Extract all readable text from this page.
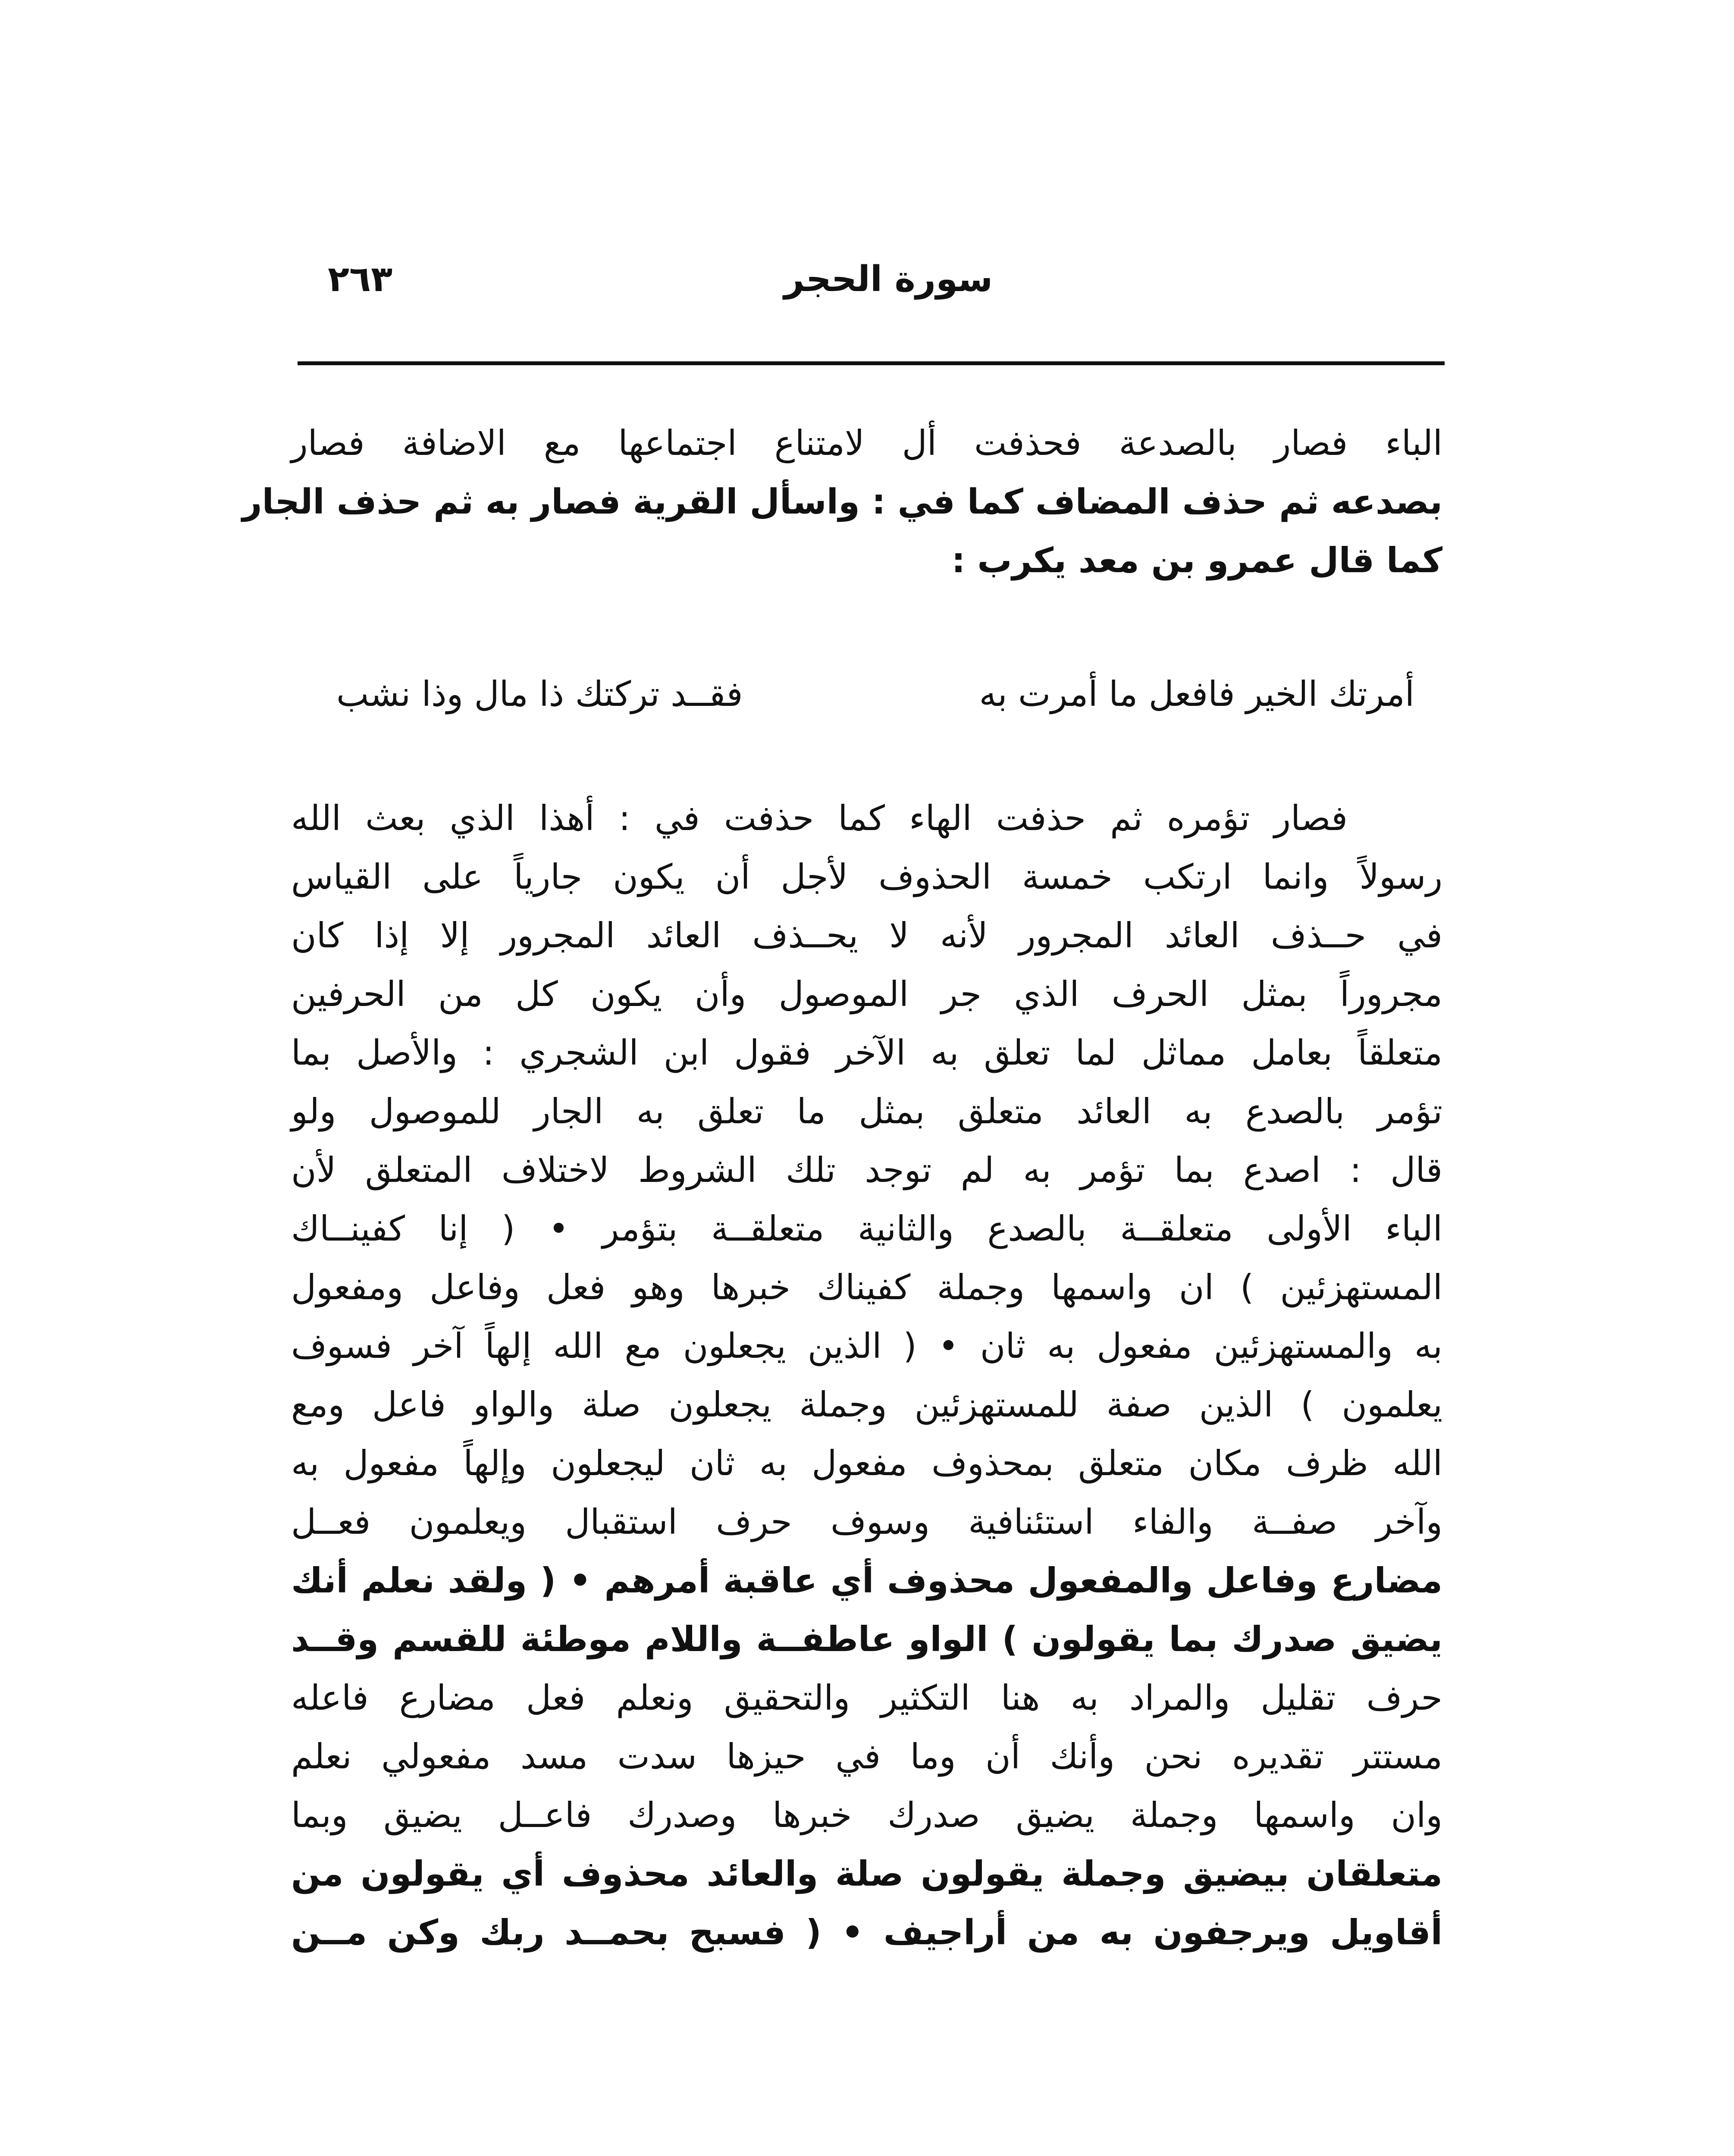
٢٦٣	سورة الحجر
الباء فصار بالصدعة فحذفت أل لامتناع اجتماعها مع الاضافة فصار
بصدعه ثم حذف المضاف كما في : واسأل القرية فصار به ثم حذف الجار
كما قال عمرو بن معد يكرب :
أمرتك الخير فافعل ما أمرت به
فقــد تركتك ذا مال وذا نشب
فصار تؤمره ثم حذفت الهاء كما حذفت في : أهذا الذي بعث الله
رسولاً وانما ارتكب خمسة الحذوف لأجل أن يكون جارياً على القياس
في حــذف العائد المجرور لأنه لا يحــذف العائد المجرور إلا إذا كان
مجروراً بمثل الحرف الذي جر الموصول وأن يكون كل من الحرفين
متعلقاً بعامل مماثل لما تعلق به الآخر فقول ابن الشجري : والأصل بما
تؤمر بالصدع به العائد متعلق بمثل ما تعلق به الجار للموصول ولو
قال : اصدع بما تؤمر به لم توجد تلك الشروط لاختلاف المتعلق لأن
الباء الأولى متعلقــة بالصدع والثانية متعلقــة بتؤمر • ( إنا كفينــاك
المستهزئين ) ان واسمها وجملة كفيناك خبرها وهو فعل وفاعل ومفعول
به والمستهزئين مفعول به ثان • ( الذين يجعلون مع الله إلهاً آخر فسوف
يعلمون ) الذين صفة للمستهزئين وجملة يجعلون صلة والواو فاعل ومع
الله ظرف مكان متعلق بمحذوف مفعول به ثان ليجعلون وإلهاً مفعول به
وآخر صفــة والفاء استئنافية وسوف حرف استقبال ويعلمون فعــل
مضارع وفاعل والمفعول محذوف أي عاقبة أمرهم • ( ولقد نعلم أنك
يضيق صدرك بما يقولون ) الواو عاطفــة واللام موطئة للقسم وقــد
حرف تقليل والمراد به هنا التكثير والتحقيق ونعلم فعل مضارع فاعله
مستتر تقديره نحن وأنك أن وما في حيزها سدت مسد مفعولي نعلم
وان واسمها وجملة يضيق صدرك خبرها وصدرك فاعــل يضيق وبما
متعلقان بيضيق وجملة يقولون صلة والعائد محذوف أي يقولون من
أقاويل ويرجفون به من أراجيف • ( فسبح بحمــد ربك وكن مــن
